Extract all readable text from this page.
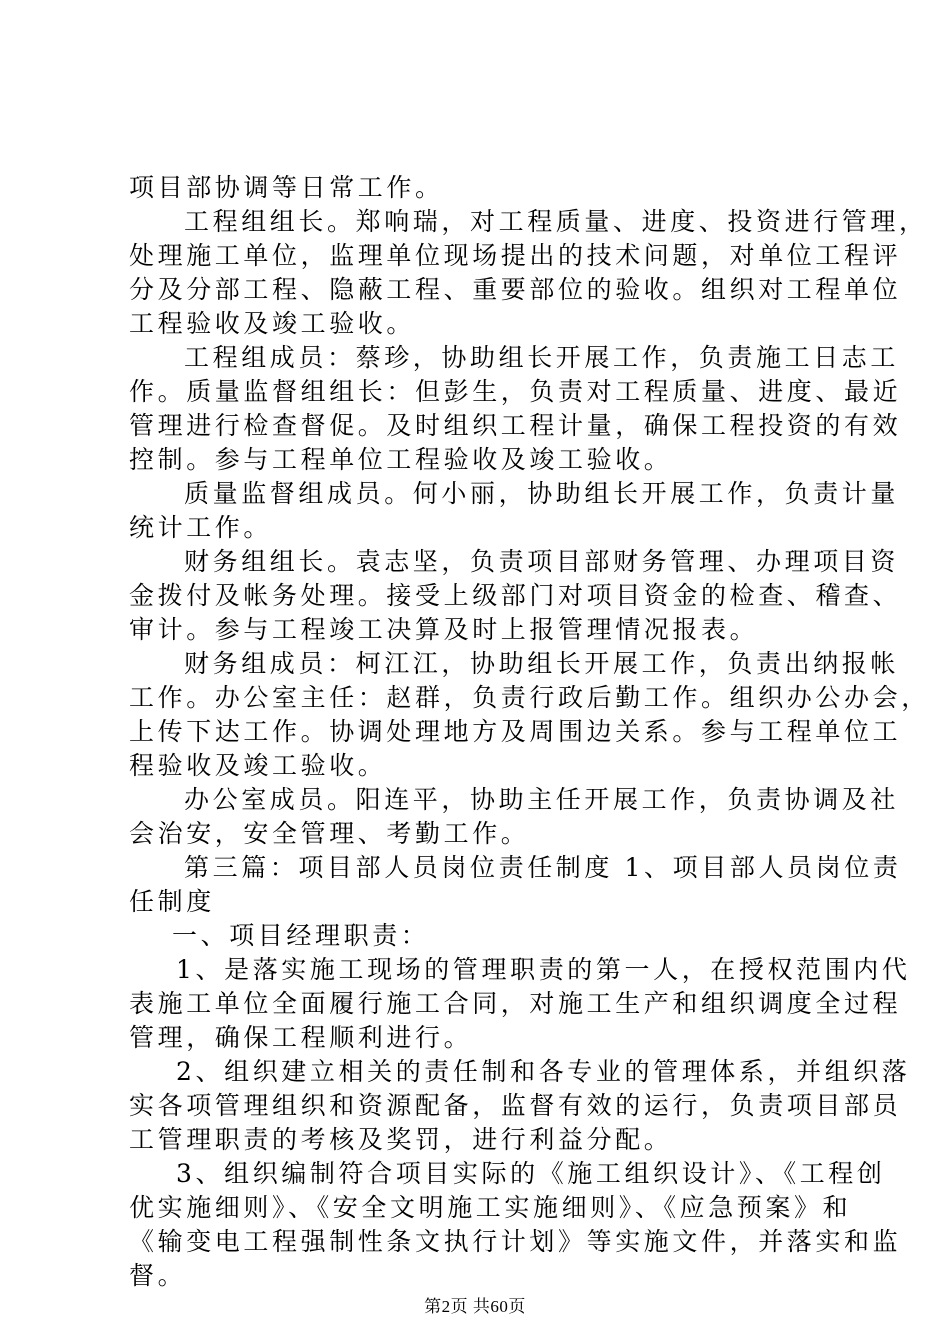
项目部协调等日常工作。
工程组组长。郑响瑞，对工程质量、进度、投资进行管理，
处理施工单位，监理单位现场提出的技术问题，对单位工程评
分及分部工程、隐蔽工程、重要部位的验收。组织对工程单位
工程验收及竣工验收。
工程组成员：蔡珍，协助组长开展工作，负责施工日志工
作。质量监督组组长：但彭生，负责对工程质量、进度、最近
管理进行检查督促。及时组织工程计量，确保工程投资的有效
控制。参与工程单位工程验收及竣工验收。
质量监督组成员。何小丽，协助组长开展工作，负责计量
统计工作。
财务组组长。袁志坚，负责项目部财务管理、办理项目资
金拨付及帐务处理。接受上级部门对项目资金的检查、稽查、
审计。参与工程竣工决算及时上报管理情况报表。
财务组成员：柯江江，协助组长开展工作，负责出纳报帐
工作。办公室主任：赵群，负责行政后勤工作。组织办公办会，
上传下达工作。协调处理地方及周围边关系。参与工程单位工
程验收及竣工验收。
办公室成员。阳连平，协助主任开展工作，负责协调及社
会治安，安全管理、考勤工作。
第三篇：项目部人员岗位责任制度 1、项目部人员岗位责
任制度
一、项目经理职责：
1、是落实施工现场的管理职责的第一人，在授权范围内代
表施工单位全面履行施工合同，对施工生产和组织调度全过程
管理，确保工程顺利进行。
2、组织建立相关的责任制和各专业的管理体系，并组织落
实各项管理组织和资源配备，监督有效的运行，负责项目部员
工管理职责的考核及奖罚，进行利益分配。
3、组织编制符合项目实际的《施工组织设计》、《工程创
优实施细则》、《安全文明施工实施细则》、《应急预案》和
《输变电工程强制性条文执行计划》等实施文件，并落实和监
督。
第2页 共60页
